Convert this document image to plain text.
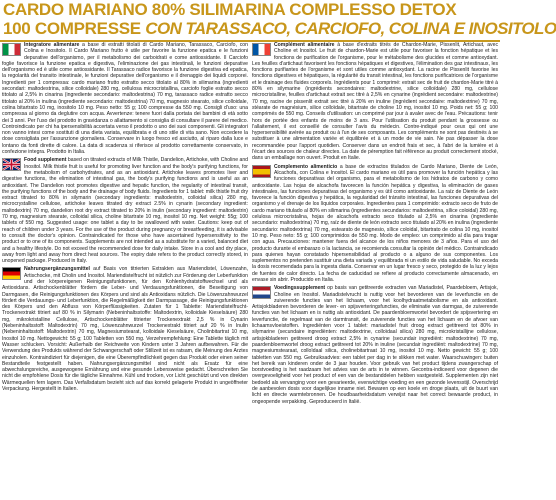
CARDO MARIANO 80% SILIMARINA COMPLESSO DETOX
100 COMPRESSE CON TARASSACO, CARCIOFO, COLINA E INOSITOLO

Integratore alimentare a base di estratti titolati di Cardo Mariano, Tarassaco, Carciofo, con Colina e Inositolo. Il Cardo Mariano frutto è utile per favorire la funzione epatica e le funzioni depurative dell'organismo, per il metabolismo dei carboidrati e come antiossidante. Il Carciofo foglie favorisce la funzione epatica e digestiva, l'eliminazione dei gas intestinali, le funzioni depurative dell'organismo ed è utile come antiossidante. Il Tarassaco radice favorisce la funzione digestiva ed epatica, la regolarità del transito intestinale, le funzioni depurative dell'organismo e il drenaggio dei liquidi corporei. Ingredienti per 1 compressa: cardo mariano frutto estratto secco titolato al 80% in silimarina (ingredienti secondari: maltodestrina, silice colloidale) 280 mg, cellulosa microcristallina, carciofo foglie estratto secco titolato al 2,5% in cinarina (ingrediente secondario: maltodestrina) 70 mg, tarassaco radice estratto secco titolato al 20% in inulina (ingrediente secondario: maltodestrina) 70 mg, magnesio stearato, silice colloidale, colina bitartrato 10 mg, inositolo 10 mg. Peso netto: 55 g; 100 compresse da 550 mg. Consigli d'uso: una compressa al giorno da deglutire con acqua. Avvertenze: tenere fuori dalla portata dei bambini di età sotto dei 3 anni. Per l'uso del prodotto in gravidanza o allattamento si consiglia di consultare il parere del medico. Controindicato per chi ha ipersensibilità accertata verso il prodotto o uno dei suoi componenti. Gli integratori non vanno intesi come sostituti di una dieta variata, equilibrata e di uno stile di vita sano. Non eccedere la dose consigliata per l'assunzione giornaliera. Conservare in luogo fresco ed asciutto, al riparo dalla luce e lontano da fonti dirette di calore. La data di scadenza si riferisce al prodotto correttamente conservato, in confezione integra. Prodotto in Italia.

Food supplement based on titrated extracts of Milk Thistle, Dandelion, Artichoke, with Choline and Inositol. Milk thistle fruit is useful for promoting liver function and the body's purifying functions, for the metabolism of carbohydrates, and as an antioxidant. Artichoke leaves promotes liver and digestive functions, the elimination of intestinal gas, the body's purifying functions and is useful as an antioxidant. The Dandelion root promotes digestive and hepatic function, the regularity of intestinal transit, the purifying functions of the body and the drainage of body fluids. Ingredients for 1 tablet: milk thistle fruit dry extract titrated to 80% in silymarin (secondary ingredients: maltodextrin, colloidal silica) 280 mg, microcrystalline cellulose, artichoke leaves titrated dry extract 2.5% in cynarin (secondary ingredient: maltodextrin) 70 mg, dandelion root dry extract titrated to 20% in inulin (secondary ingredient: maltodextrin) 70 mg, magnesium stearate, colloidal silica, choline bitartrate 10 mg, inositol 10 mg. Net weight: 55g; 100 tablets of 550 mg. Suggested usage: one tablet a day to be swallowed with water. Cautions: keep out of reach of children under 3 years. For the use of the product during pregnancy or breastfeeding, it is advisable to consult the doctor's opinion. Contraindicated for those who have ascertained hypersensitivity to the product or to one of its components. Supplements are not intended as a substitute for a varied, balanced diet and a healthy lifestyle. Do not exceed the recommended dose for daily intake. Store in a cool and dry place, away from light and away from direct heat sources. The expiry date refers to the product correctly stored, in unopened package. Produced in Italy.

Nahrungsergänzungsmittel auf Basis von titrierten Extrakten aus Mariendistel, Löwenzahn, Artischocke, mit Cholin und Inositol. Mariendistelfrucht ist nützlich zur Förderung der Leberfunktion und der körpereigenen Reinigungsfunktionen, für den Kohlenhydratstoffwechsel und als Antioxidans. Artischockenblätter fördern die Leber- und Verdauungsfunktionen, die Beseitigung von Darmgasen, die Reinigungsfunktionen des Körpers und sind als Antioxidans nützlich. Die Löwenzahnwurzel fördert die Verdauungs- und Leberfunktion, die Regelmäßigkeit der Darmpassage, die Reinigungsfunktionen des Körpers und den Abfluss von Körperflüssigkeiten. Zutaten für 1 Tablette: Mariendistelfrucht-Trockenextrakt titriert auf 80 % in Silymarin (Nebeninhaltsstoffe: Maltodextrin, kolloidale Kieselsäure) 280 mg, mikrokristalline Cellulose, Artischockenblätter titrierter Trockenextrakt 2,5 % in Cynarin (Nebeninhaltsstoff: Maltodextrin) 70 mg, Löwenzahnwurzel Trockenextrakt titriert auf 20 % in Inulin (Nebeninhaltsstoff: Maltodextrin) 70 mg, Magnesiumstearat, kolloidale Kieselsäure, Cholinbitartrat 10 mg, Inositol 10 mg. Nettogewicht: 55 g; 100 Tabletten von 550 mg. Verzehrempfehlung: Eine Tablette täglich mit Wasser schlucken. Vorsicht: Außerhalb der Reichweite von Kindern unter 3 Jahren aufbewahren. Für die Verwendung des Produkts während der Schwangerschaft oder Stillzeit ist es ratsam, die Meinung des Arztes einzuholen. Kontraindiziert für diejenigen, die eine Überempfindlichkeit gegen das Produkt oder einen seiner Bestandteile festgestellt haben. Nahrungsergänzungsmittel sind nicht als Ersatz für eine abwechslungsreiche, ausgewogene Ernährung und eine gesunde Lebensweise gedacht. Überschreiten Sie nicht die empfohlene Dosis für die tägliche Einnahme. Kühl und trocken, vor Licht geschützt und von direkten Wärmequellen fern lagern. Das Verfallsdatum bezieht sich auf das korrekt gelagerte Produkt in ungeöffneter Verpackung. Hergestellt in Italien.

Complément alimentaire à base d'extraits titrés de Chardon-Marie, Pissenlit, Artichaut, avec Choline et Inositol. Le fruit de chardon-Marie est utile pour favoriser la fonction hépatique et les fonctions de purification de l'organisme, pour le métabolisme des glucides et comme antioxydant. Les feuilles d'artichaut favorisent les fonctions hépatiques et digestives, l'élimination des gaz intestinaux, les fonctions purifiantes de l'organisme et sont utiles comme antioxydant. La racine de Pissenlit favorise les fonctions digestives et hépatiques, la régularité du transit intestinal, les fonctions purificatrices de l'organisme et le drainage des fluides corporels. Ingrédients pour 1 comprimé: extrait sec de fruit de chardon-Marie titré à 80% en silymarine (ingrédients secondaires: maltodextrine, silice colloïdale) 280 mg, cellulose microcristalline, feuilles d'artichaut extrait sec titré à 2,5% en cynarine (ingrédient secondaire: maltodextrine) 70 mg, racine de pissenlit extrait sec titré à 20% en inuline (ingrédient secondaire: maltodextrine) 70 mg, stéarate de magnésium, silice colloïdale, bitartrate de choline 10 mg, inositol 10 mg. Poids net: 55 g; 100 comprimés de 550 mg. Conseils d'utilisation: un comprimé par jour à avaler avec de l'eau. Précautions: tenir hors de portée des enfants de moins de 3 ans. Pour l'utilisation du produit pendant la grossesse ou l'allaitement, il est conseillé de consulter l'avis du médecin. Contre-indiqué pour ceux qui ont une hypersensibilité avérée au produit ou à l'un de ses composants. Les compléments ne sont pas destinés à se substituer à une alimentation variée et équilibrée et à un mode de vie sain. Ne pas dépasser la dose recommandée pour l'apport quotidien. Conserver dans un endroit frais et sec, à l'abri de la lumière et à l'écart des sources de chaleur directes. La date de péremption fait référence au produit correctement stocké, dans un emballage non ouvert. Produit en Italie.

Complemento alimenticio a base de extractos titulados de Cardo Mariano, Diente de León, Alcachofa, con Colina e Inositol. El cardo mariano es útil para promover la función hepática y las funciones depurativas del organismo, para el metabolismo de los hidratos de carbono y como antioxidante. Las hojas de alcachofa favorecen la función hepática y digestiva, la eliminación de gases intestinales, las funciones depurativas del organismo y es útil como antioxidante. La raíz de Diente de León favorece la función digestiva y hepática, la regularidad del tránsito intestinal, las funciones depurativas del organismo y el drenaje de los líquidos corporales. Ingredientes para 1 comprimido: extracto seco de fruto de cardo mariano titulado al 80% en silimarina (ingredientes secundarios: maltodextrina, sílice coloidal) 280 mg, celulosa microcristalina, hojas de alcachofa extracto seco titulado al 2,5% en cinarina (ingrediente secundario: maltodextrina) 70 mg, raíz de diente de león extracto seco titulado al 20% en inulina (ingrediente secundario: maltodextrina) 70 mg, estearato de magnesio, sílice coloidal, bitartrato de colina 10 mg, inositol 10 mg. Peso neto: 55 g; 100 comprimidos de 550 mg. Modo de empleo: un comprimido al día para tragar con agua. Precauciones: mantener fuera del alcance de los niños menores de 3 años. Para el uso del producto durante el embarazo o la lactancia, se recomienda consultar la opinión del médico. Contraindicado para quienes hayan constatado hipersensibilidad al producto o a alguno de sus componentes. Los suplementos no pretenden sustituir una dieta variada y equilibrada ni un estilo de vida saludable. No exceda la dosis recomendada para la ingesta diaria. Conservar en un lugar fresco y seco, protegido de la luz y lejos de fuentes de calor directo. La fecha de caducidad se refiere al producto correctamente almacenado, en envase sin abrir. Producido en Italia.

Voedingssupplement op basis van getitreerde extracten van Mariadistel, Paardebloem, Artisjok, Choline en Inositol. Mariadistelvrucht is nuttig voor het bevorderen van de leverfunctie en de zuiverende functies van het lichaam, voor het koolhydraatmetabolisme en als antioxidant. Artisjokbladeren bevorderen de lever- en spijsverteringsfuncties, de eliminatie van darmgas, de zuiverende functies van het lichaam en is nuttig als antioxidant. De paardenbloemwortel bevordert de spijsvertering en leverfunctie, de regelmaat van de darmtransit, de zuiverende functies van het lichaam en de afvoer van lichaamsvloeistoffen. Ingrediënten voor 1 tablet: mariadistel fruit droog extract getitreerd tot 80% in silymarine (secundaire ingrediënten: maltodextrine, colloïdaal silica) 280 mg, microkristallijne cellulose, artisjokbladeren getitreerd droog extract 2,5% in cynarine (secundair ingrediënt: maltodextrine) 70 mg, paardenbloemwortel droog extract getitreerd tot 20% in inuline (secundair ingrediënt: maltodextrine) 70 mg, magnesiumstearaat, colloïdaal silica, cholinebitartraat 10 mg, inositol 10 mg. Netto gewicht: 55 g; 100 tabletten van 550 mg. Gebruiksadvies: een tablet per dag in te slikken met water. Waarschuwingen: buiten het bereik van kinderen onder de 3 jaar houden. Voor gebruik van het product tijdens zwangerschap of borstvoeding is het raadzaam het advies van de arts in te winnen. Gecontra-indiceerd voor degenen die overgevoeligheid voor het product of een van de bestanddelen hebben vastgesteld. Supplementen zijn niet bedoeld als vervanging voor een gevarieerde, evenwichtige voeding en een gezonde levensstijl. Overschrijd de aanbevolen dosis voor dagelijkse inname niet. Bewaren op een koele en droge plaats, uit de buurt van licht en directe warmtebronnen. De houdbaarheidsdatum verwijst naar het correct bewaarde product, in ongeopende verpakking. Geproduceerd in Italië.
